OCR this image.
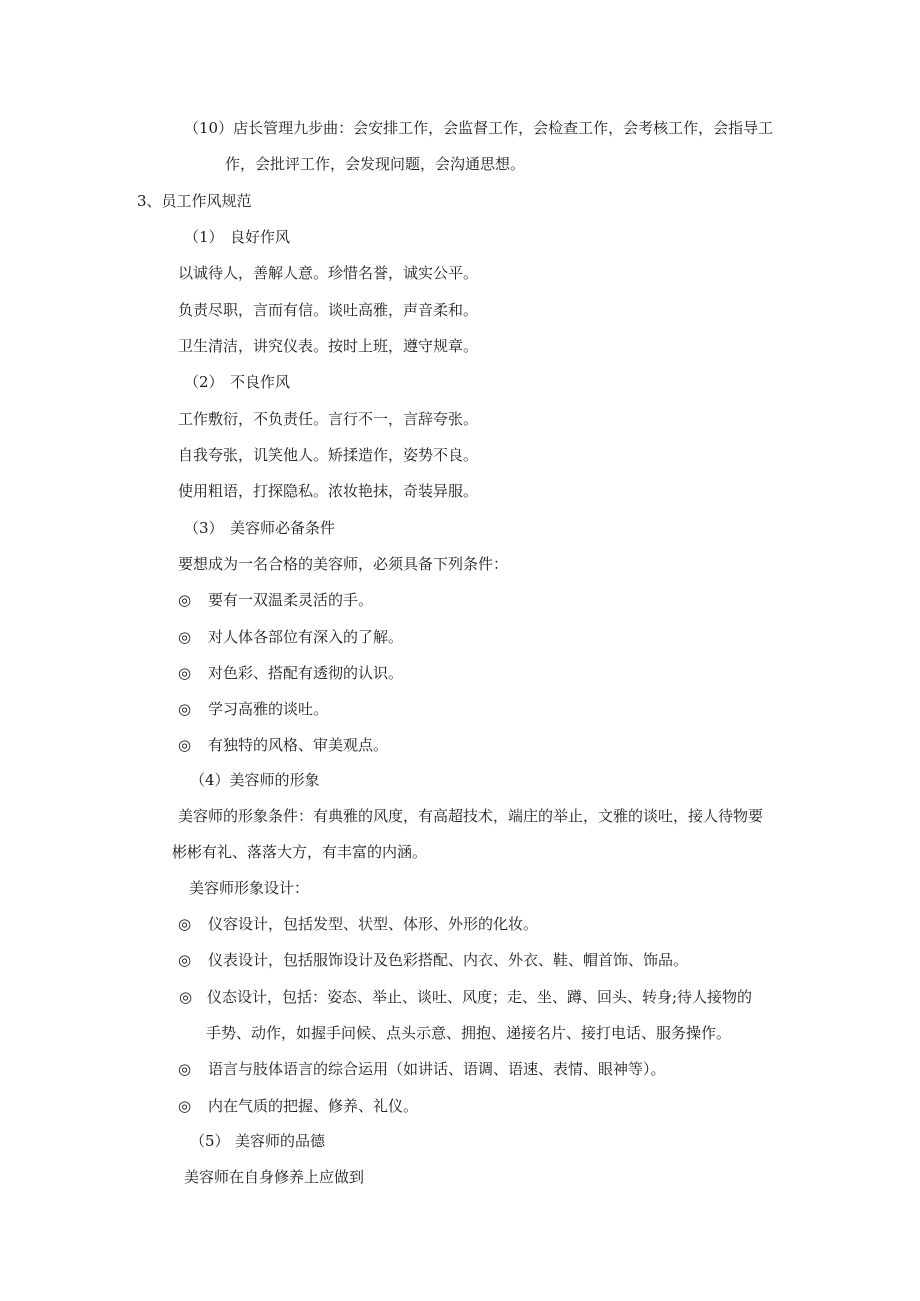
（10）店长管理九步曲：会安排工作，会监督工作，会检查工作，会考核工作，会指导工
作，会批评工作，会发现问题，会沟通思想。
3、员工作风规范
（1） 良好作风
以诚待人，善解人意。珍惜名誉，诚实公平。
负责尽职，言而有信。谈吐高雅，声音柔和。
卫生清洁，讲究仪表。按时上班，遵守规章。
（2） 不良作风
工作敷衍，不负责任。言行不一，言辞夸张。
自我夸张，讥笑他人。矫揉造作，姿势不良。
使用粗语，打探隐私。浓妆艳抹，奇装异服。
（3） 美容师必备条件
要想成为一名合格的美容师，必须具备下列条件：
◎ 要有一双温柔灵活的手。
◎ 对人体各部位有深入的了解。
◎ 对色彩、搭配有透彻的认识。
◎ 学习高雅的谈吐。
◎ 有独特的风格、审美观点。
（4）美容师的形象
美容师的形象条件：有典雅的风度，有高超技术，端庄的举止，文雅的谈吐，接人待物要
彬彬有礼、落落大方，有丰富的内涵。
美容师形象设计：
◎ 仪容设计，包括发型、状型、体形、外形的化妆。
◎ 仪表设计，包括服饰设计及色彩搭配、内衣、外衣、鞋、帽首饰、饰品。
◎ 仪态设计，包括：姿态、举止、谈吐、风度；走、坐、蹲、回头、转身;待人接物的
手势、动作，如握手问候、点头示意、拥抱、递接名片、接打电话、服务操作。
◎ 语言与肢体语言的综合运用（如讲话、语调、语速、表情、眼神等）。
◎ 内在气质的把握、修养、礼仪。
（5） 美容师的品德
美容师在自身修养上应做到
